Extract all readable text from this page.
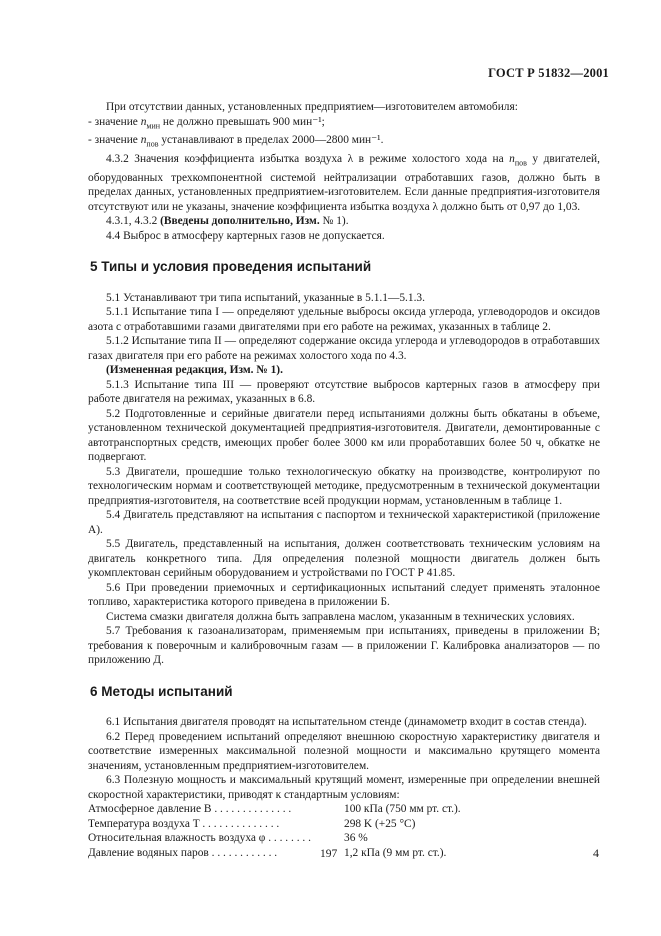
ГОСТ Р 51832—2001

При отсутствии данных, установленных предприятием—изготовителем автомобиля:

- значение $n_{мин}$ не должно превышать 900 мин⁻¹;

- значение $n_{пов}$ устанавливают в пределах 2000—2800 мин⁻¹.

4.3.2 Значения коэффициента избытка воздуха λ в режиме холостого хода на $n_{пов}$ у двигателей, оборудованных трехкомпонентной системой нейтрализации отработавших газов, должно быть в пределах данных, установленных предприятием-изготовителем. Если данные предприятия-изготовителя отсутствуют или не указаны, значение коэффициента избытка воздуха λ должно быть от 0,97 до 1,03.

4.3.1, 4.3.2 (Введены дополнительно, Изм. № 1).

4.4 Выброс в атмосферу картерных газов не допускается.

5 Типы и условия проведения испытаний

5.1 Устанавливают три типа испытаний, указанные в 5.1.1—5.1.3.

5.1.1 Испытание типа I — определяют удельные выбросы оксида углерода, углеводородов и оксидов азота с отработавшими газами двигателями при его работе на режимах, указанных в таблице 2.

5.1.2 Испытание типа II — определяют содержание оксида углерода и углеводородов в отработавших газах двигателя при его работе на режимах холостого хода по 4.3.

(Измененная редакция, Изм. № 1).

5.1.3 Испытание типа III — проверяют отсутствие выбросов картерных газов в атмосферу при работе двигателя на режимах, указанных в 6.8.

5.2 Подготовленные и серийные двигатели перед испытаниями должны быть обкатаны в объеме, установленном технической документацией предприятия-изготовителя. Двигатели, демонтированные с автотранспортных средств, имеющих пробег более 3000 км или проработавших более 50 ч, обкатке не подвергают.

5.3 Двигатели, прошедшие только технологическую обкатку на производстве, контролируют по технологическим нормам и соответствующей методике, предусмотренным в технической документации предприятия-изготовителя, на соответствие всей продукции нормам, установленным в таблице 1.

5.4 Двигатель представляют на испытания с паспортом и технической характеристикой (приложение А).

5.5 Двигатель, представленный на испытания, должен соответствовать техническим условиям на двигатель конкретного типа. Для определения полезной мощности двигатель должен быть укомплектован серийным оборудованием и устройствами по ГОСТ Р 41.85.

5.6 При проведении приемочных и сертификационных испытаний следует применять эталонное топливо, характеристика которого приведена в приложении Б.

Система смазки двигателя должна быть заправлена маслом, указанным в технических условиях.

5.7 Требования к газоанализаторам, применяемым при испытаниях, приведены в приложении В; требования к поверочным и калибровочным газам — в приложении Г. Калибровка анализаторов — по приложению Д.

6 Методы испытаний

6.1 Испытания двигателя проводят на испытательном стенде (динамометр входит в состав стенда).

6.2 Перед проведением испытаний определяют внешнюю скоростную характеристику двигателя и соответствие измеренных максимальной полезной мощности и максимально крутящего момента значениям, установленным предприятием-изготовителем.

6.3 Полезную мощность и максимальный крутящий момент, измеренные при определении внешней скоростной характеристики, приводят к стандартным условиям:

Атмосферное давление B . . . . . . . . . . . . . .	100 кПа (750 мм рт. ст.).
Температура воздуха T . . . . . . . . . . . . . .	298 K (+25 °C)
Относительная влажность воздуха φ . . . . . . . .	36 %
Давление водяных паров . . . . . . . . . . . .	1,2 кПа (9 мм рт. ст.).
197	4
